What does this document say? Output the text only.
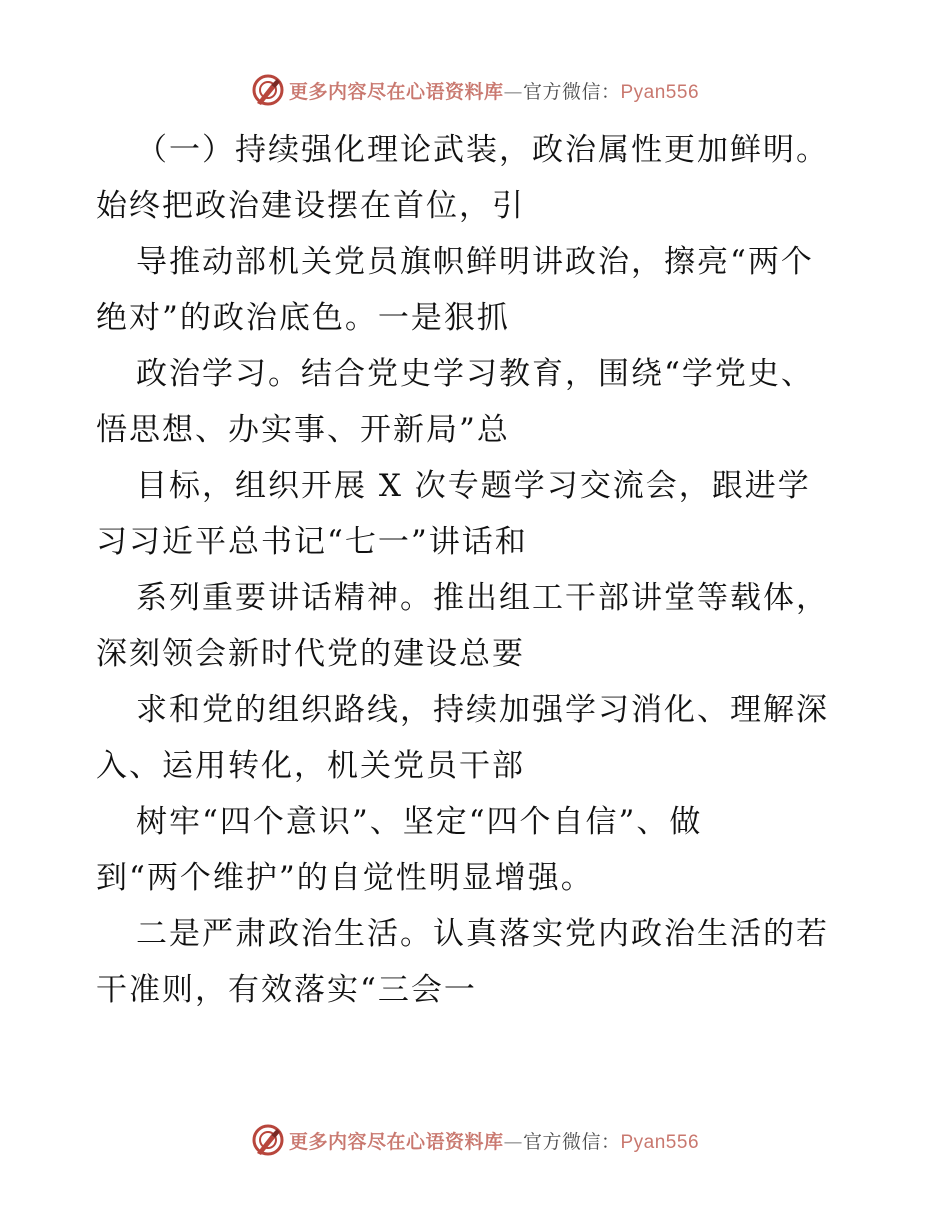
更多内容尽在心语资料库—官方微信：Pyan556

（一）持续强化理论武装，政治属性更加鲜明。

始终把政治建设摆在首位，引

导推动部机关党员旗帜鲜明讲政治，擦亮“两个

绝对”的政治底色。一是狠抓

政治学习。结合党史学习教育，围绕“学党史、

悟思想、办实事、开新局”总

目标，组织开展 X 次专题学习交流会，跟进学

习习近平总书记“七一”讲话和

系列重要讲话精神。推出组工干部讲堂等载体，

深刻领会新时代党的建设总要

求和党的组织路线，持续加强学习消化、理解深

入、运用转化，机关党员干部

树牢“四个意识”、坚定“四个自信”、做

到“两个维护”的自觉性明显增强。

二是严肃政治生活。认真落实党内政治生活的若

干准则，有效落实“三会一

更多内容尽在心语资料库—官方微信：Pyan556
